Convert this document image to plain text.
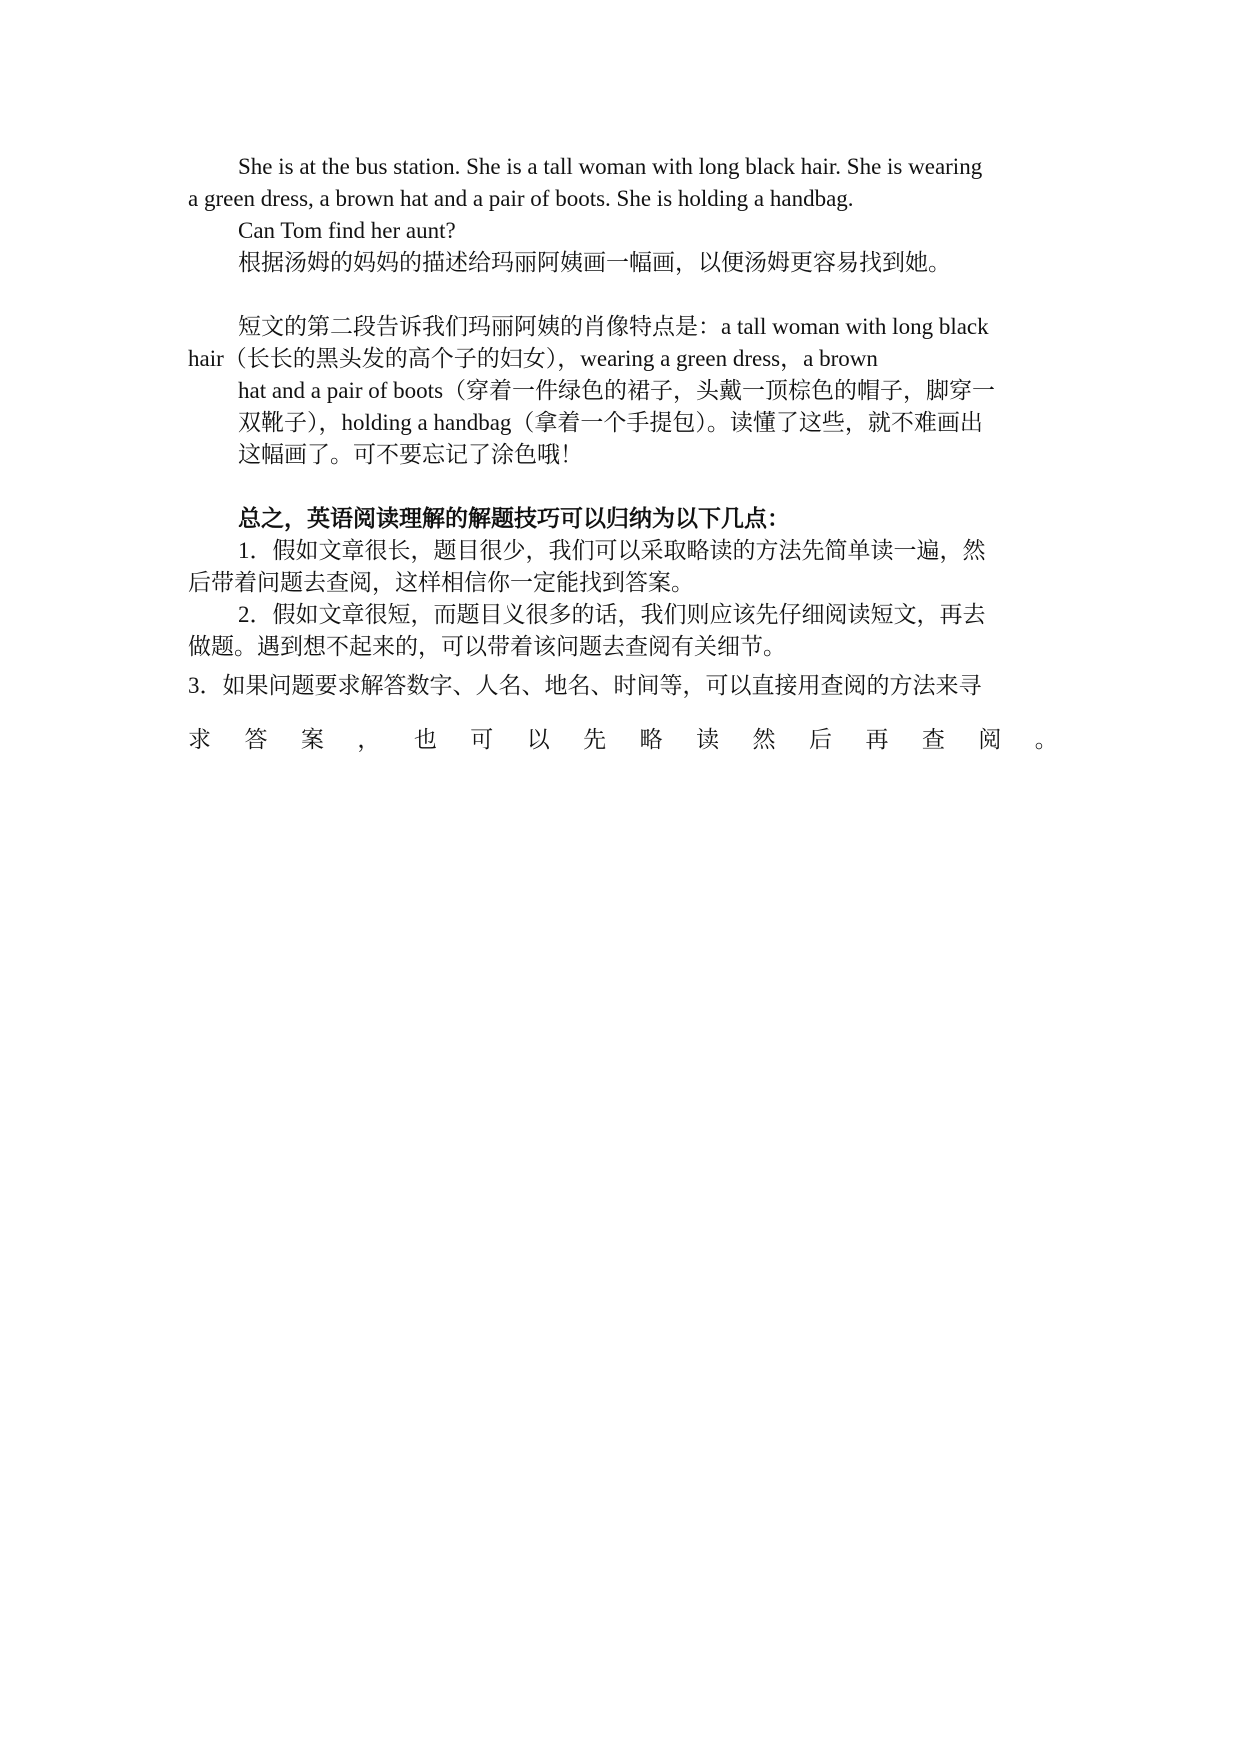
She is at the bus station. She is a tall woman with long black hair. She is wearing
a green dress, a brown hat and a pair of boots. She is holding a handbag.
Can Tom find her aunt?
根据汤姆的妈妈的描述给玛丽阿姨画一幅画，以便汤姆更容易找到她。
短文的第二段告诉我们玛丽阿姨的肖像特点是：a tall woman with long black
hair（长长的黑头发的高个子的妇女），wearing a green dress，a brown
hat and a pair of boots（穿着一件绿色的裙子，头戴一顶棕色的帽子，脚穿一
双靴子），holding a handbag（拿着一个手提包）。读懂了这些，就不难画出
这幅画了。可不要忘记了涂色哦！
总之，英语阅读理解的解题技巧可以归纳为以下几点：
1．假如文章很长，题目很少，我们可以采取略读的方法先简单读一遍，然
后带着问题去查阅，这样相信你一定能找到答案。
2．假如文章很短，而题目义很多的话，我们则应该先仔细阅读短文，再去
做题。遇到想不起来的，可以带着该问题去查阅有关细节。
3．如果问题要求解答数字、人名、地名、时间等，可以直接用查阅的方法来寻
求 答 案 ， 也 可 以 先 略 读 然 后 再 查 阅 。
